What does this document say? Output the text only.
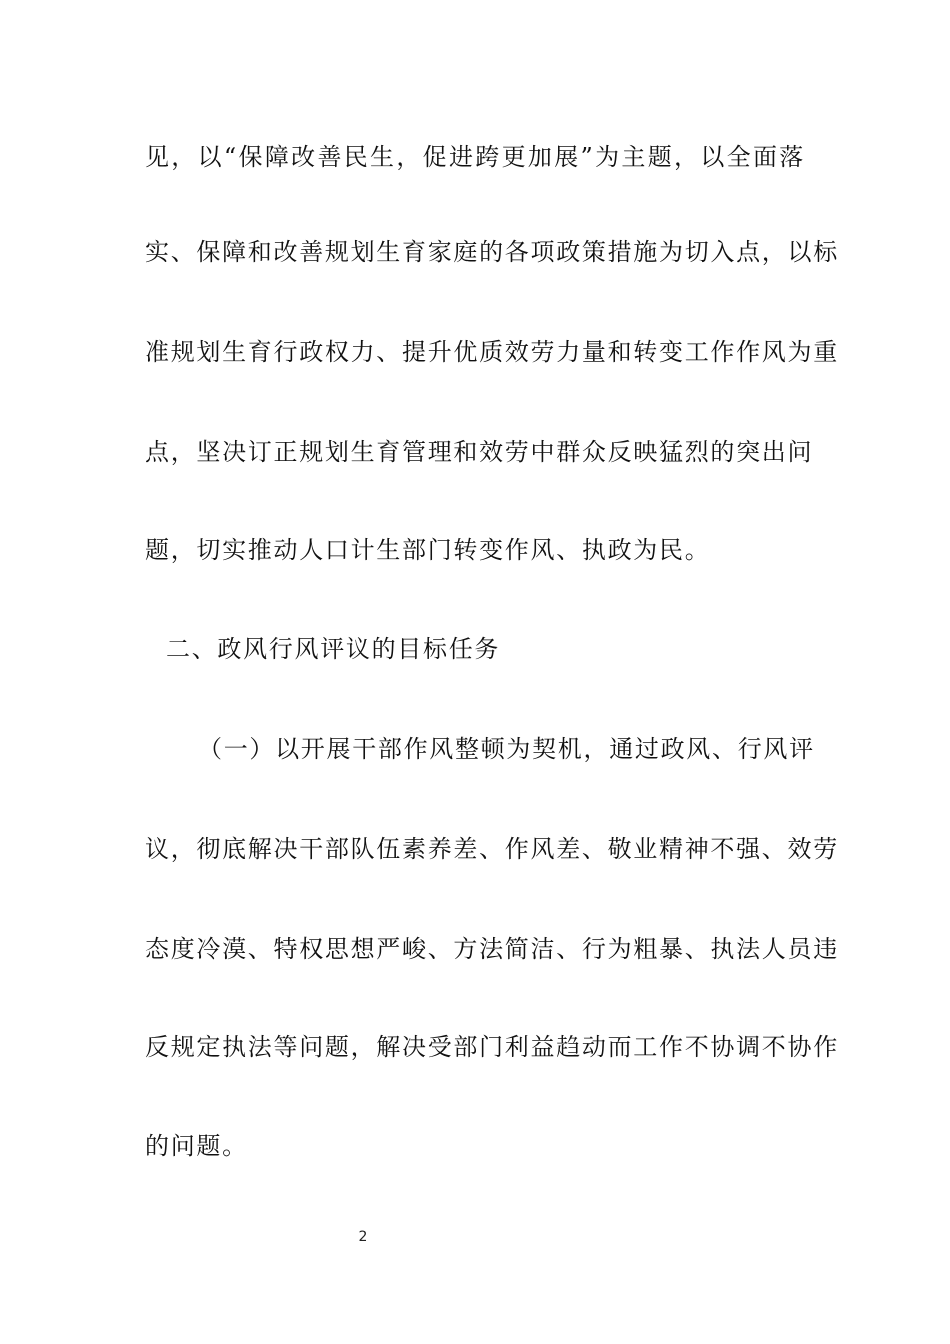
见，以“保障改善民生，促进跨更加展”为主题，以全面落
实、保障和改善规划生育家庭的各项政策措施为切入点，以标
准规划生育行政权力、提升优质效劳力量和转变工作作风为重
点，坚决订正规划生育管理和效劳中群众反映猛烈的突出问
题，切实推动人口计生部门转变作风、执政为民。
二、政风行风评议的目标任务
（一）以开展干部作风整顿为契机，通过政风、行风评
议，彻底解决干部队伍素养差、作风差、敬业精神不强、效劳
态度冷漠、特权思想严峻、方法简洁、行为粗暴、执法人员违
反规定执法等问题，解决受部门利益趋动而工作不协调不协作
的问题。
2
